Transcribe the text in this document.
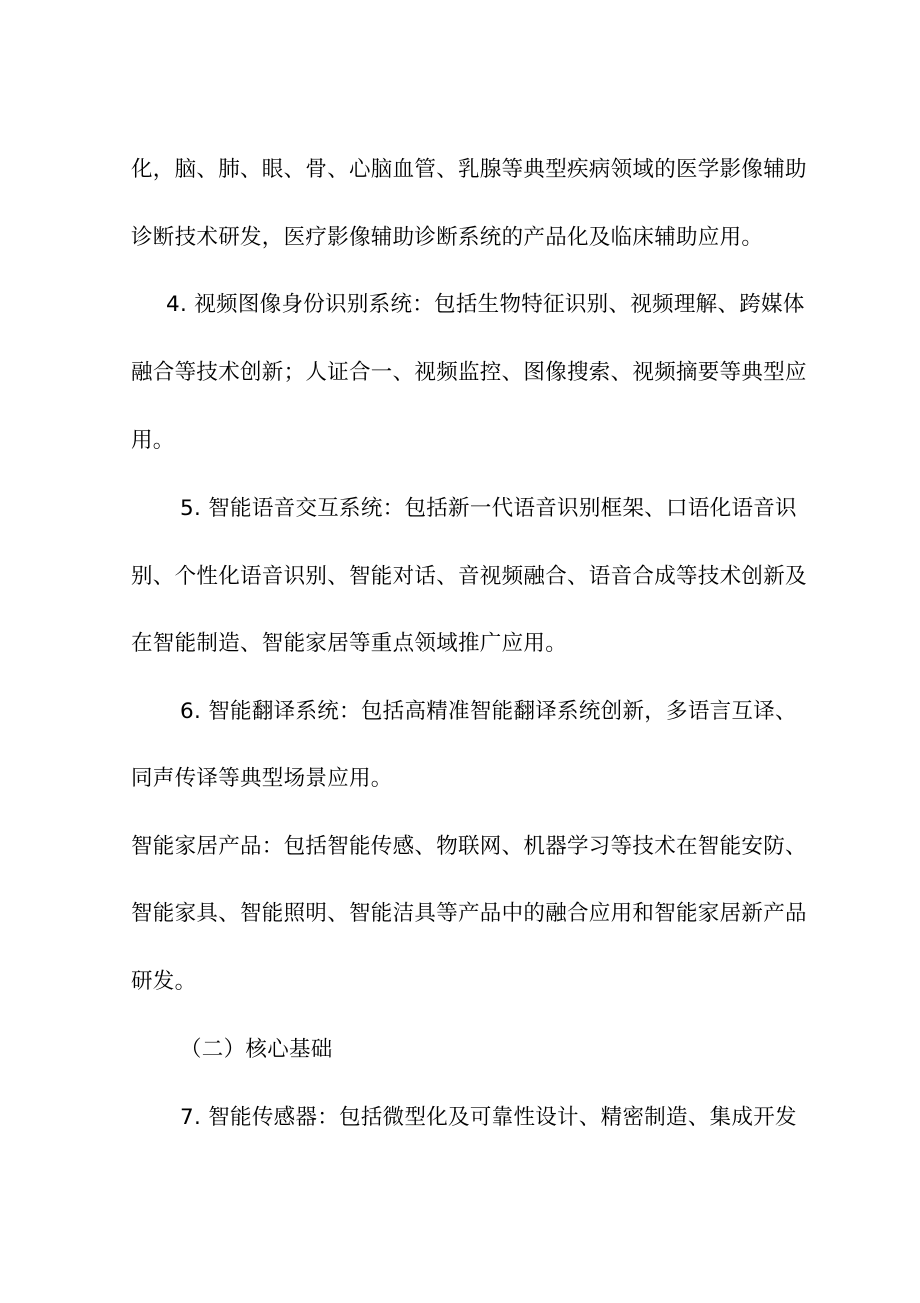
化，脑、肺、眼、骨、心脑血管、乳腺等典型疾病领域的医学影像辅助
诊断技术研发，医疗影像辅助诊断系统的产品化及临床辅助应用。
4. 视频图像身份识别系统：包括生物特征识别、视频理解、跨媒体
融合等技术创新；人证合一、视频监控、图像搜索、视频摘要等典型应
用。
5. 智能语音交互系统：包括新一代语音识别框架、口语化语音识
别、个性化语音识别、智能对话、音视频融合、语音合成等技术创新及
在智能制造、智能家居等重点领域推广应用。
6. 智能翻译系统：包括高精准智能翻译系统创新，多语言互译、
同声传译等典型场景应用。
智能家居产品：包括智能传感、物联网、机器学习等技术在智能安防、
智能家具、智能照明、智能洁具等产品中的融合应用和智能家居新产品
研发。
（二）核心基础
7. 智能传感器：包括微型化及可靠性设计、精密制造、集成开发
